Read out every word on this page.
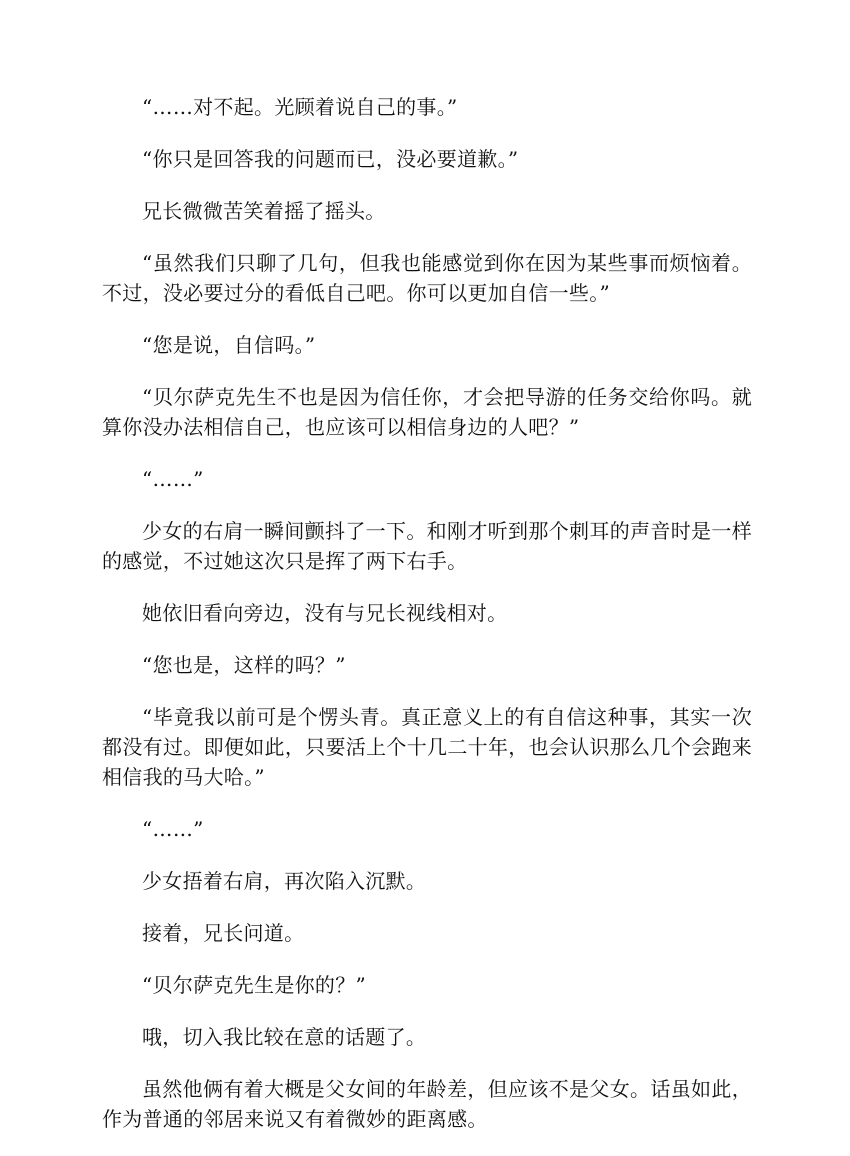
“……对不起。光顾着说自己的事。”

“你只是回答我的问题而已，没必要道歉。”

兄长微微苦笑着摇了摇头。

“虽然我们只聊了几句，但我也能感觉到你在因为某些事而烦恼着。不过，没必要过分的看低自己吧。你可以更加自信一些。”

“您是说，自信吗。”

“贝尔萨克先生不也是因为信任你，才会把导游的任务交给你吗。就算你没办法相信自己，也应该可以相信身边的人吧？”

“……”

少女的右肩一瞬间颤抖了一下。和刚才听到那个刺耳的声音时是一样的感觉，不过她这次只是挥了两下右手。

她依旧看向旁边，没有与兄长视线相对。

“您也是，这样的吗？”

“毕竟我以前可是个愣头青。真正意义上的有自信这种事，其实一次都没有过。即便如此，只要活上个十几二十年，也会认识那么几个会跑来相信我的马大哈。”

“……”

少女捂着右肩，再次陷入沉默。

接着，兄长问道。

“贝尔萨克先生是你的？”

哦，切入我比较在意的话题了。

虽然他俩有着大概是父女间的年龄差，但应该不是父女。话虽如此，作为普通的邻居来说又有着微妙的距离感。
